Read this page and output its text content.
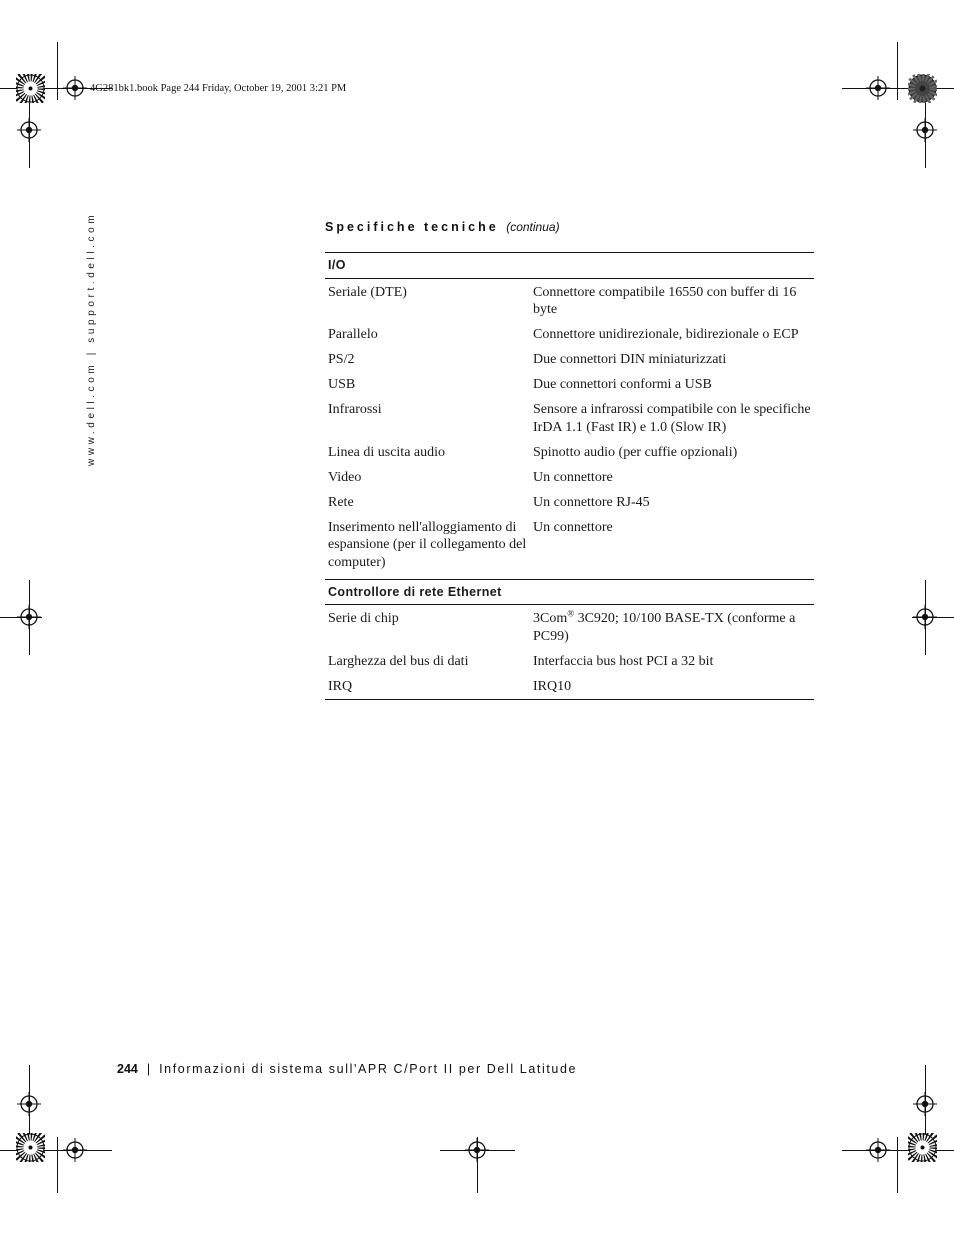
4G281bk1.book Page 244 Friday, October 19, 2001 3:21 PM
www.dell.com | support.dell.com	Specifiche tecniche (continua)
I/O	
Seriale (DTE)	Connettore compatibile 16550 con buffer di 16 byte
Parallelo	Connettore unidirezionale, bidirezionale o ECP
PS/2	Due connettori DIN miniaturizzati
USB	Due connettori conformi a USB
Infrarossi	Sensore a infrarossi compatibile con le specifiche IrDA 1.1 (Fast IR) e 1.0 (Slow IR)
Linea di uscita audio	Spinotto audio (per cuffie opzionali)
Video	Un connettore
Rete	Un connettore RJ-45
Inserimento nell'alloggiamento di espansione (per il collegamento del computer)	Un connettore
Controllore di rete Ethernet	
Serie di chip	3Com® 3C920; 10/100 BASE-TX (conforme a PC99)
Larghezza del bus di dati	Interfaccia bus host PCI a 32 bit
IRQ	IRQ10
244 | Informazioni di sistema sull'APR C/Port II per Dell Latitude
